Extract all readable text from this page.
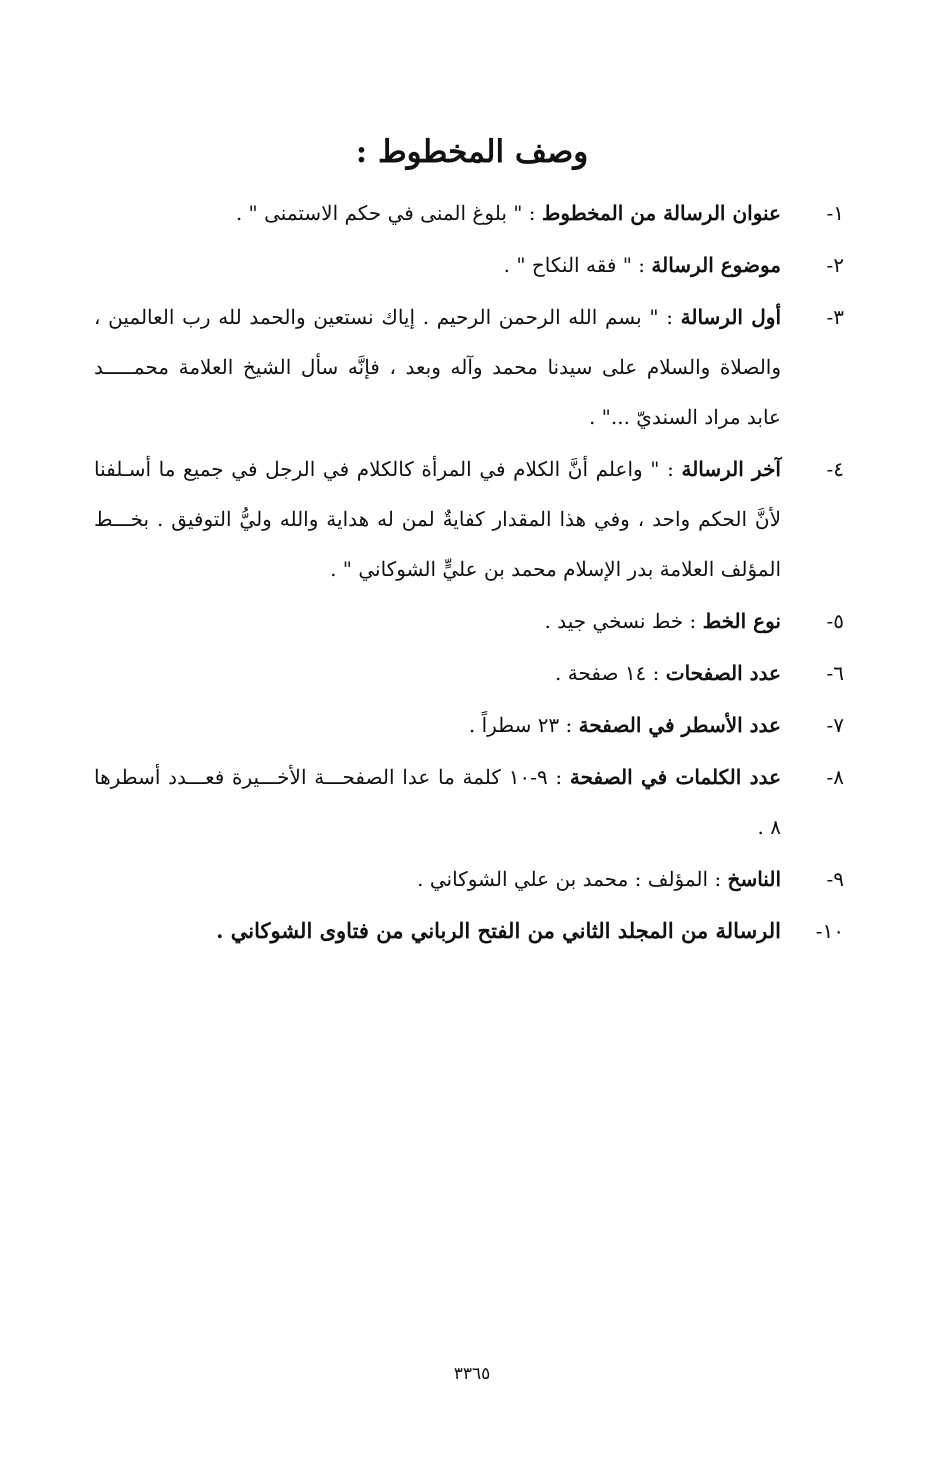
وصف المخطوط :
١-
عنوان الرسالة من المخطوط : " بلوغ المنى في حكم الاستمنى " .
٢-
موضوع الرسالة : " فقه النكاح " .
٣-
أول الرسالة : " بسم الله الرحمن الرحيم . إياك نستعين والحمد لله رب العالمين ، والصلاة والسلام على سيدنا محمد وآله وبعد ، فإنَّه سأل الشيخ العلامة محمـــــد عابد مراد السنديّ ..." .
٤-
آخر الرسالة : " واعلم أنَّ الكلام في المرأة كالكلام في الرجل في جميع ما أسـلفنا لأنَّ الحكم واحد ، وفي هذا المقدار كفايةٌ لمن له هداية والله وليُّ التوفيق . بخـــط المؤلف العلامة بدر الإسلام محمد بن عليٍّ الشوكاني " .
٥-
نوع الخط : خط نسخي جيد .
٦-
عدد الصفحات : ١٤ صفحة .
٧-
عدد الأسطر في الصفحة : ٢٣ سطراً .
٨-
عدد الكلمات في الصفحة : ٩-١٠ كلمة ما عدا الصفحـــة الأخـــيرة فعـــدد أسطرها ٨ .
٩-
الناسخ : المؤلف : محمد بن علي الشوكاني .
١٠-
الرسالة من المجلد الثاني من الفتح الرباني من فتاوى الشوكاني .
٣٣٦٥
